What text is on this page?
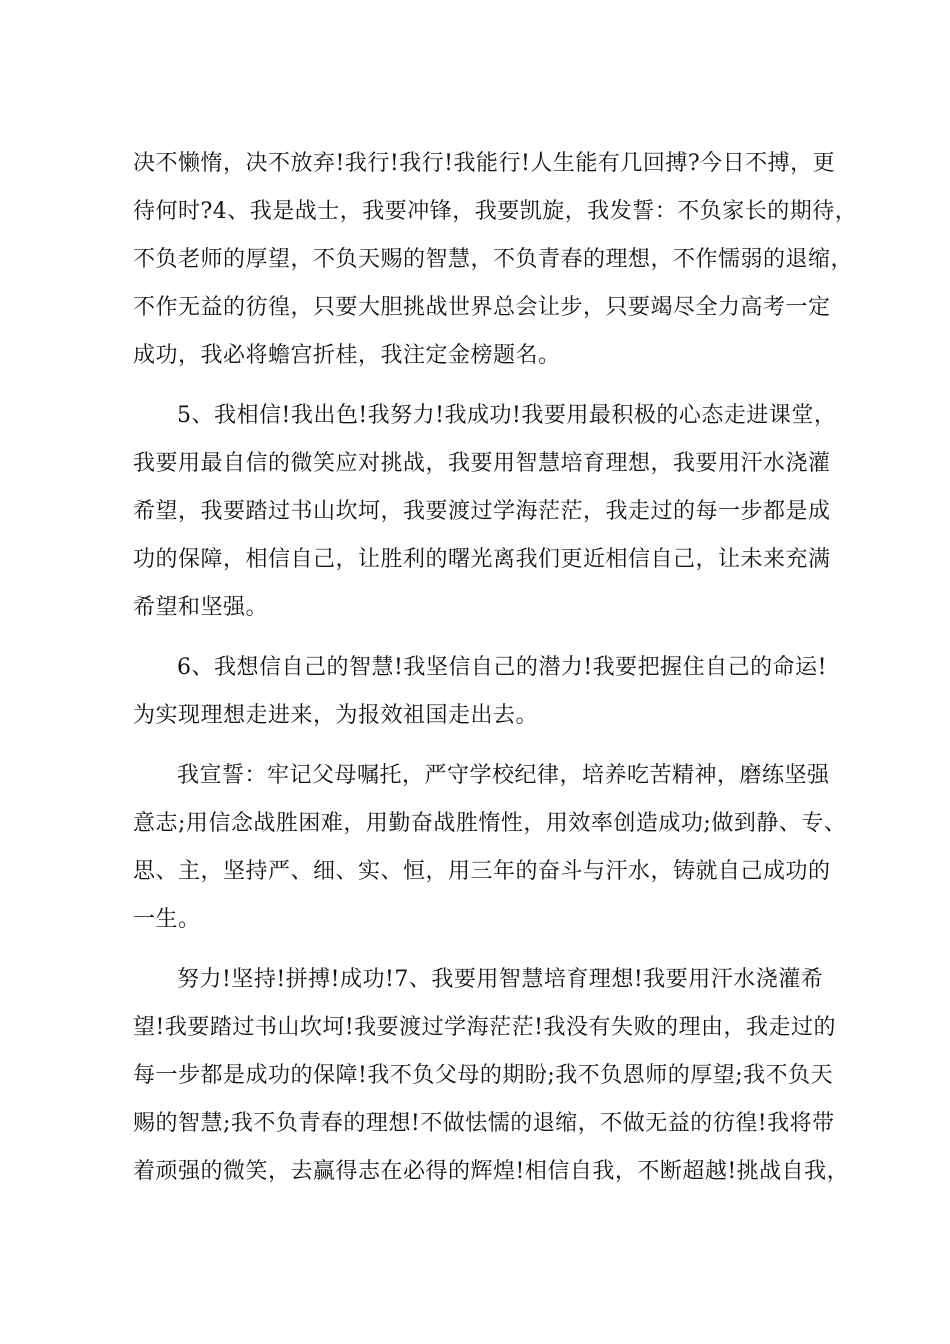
决不懒惰，决不放弃!我行!我行!我能行!人生能有几回搏?今日不搏，更
待何时?4、我是战士，我要冲锋，我要凯旋，我发誓：不负家长的期待，
不负老师的厚望，不负天赐的智慧，不负青春的理想，不作懦弱的退缩，
不作无益的彷徨，只要大胆挑战世界总会让步，只要竭尽全力高考一定
成功，我必将蟾宫折桂，我注定金榜题名。

5、我相信!我出色!我努力!我成功!我要用最积极的心态走进课堂，
我要用最自信的微笑应对挑战，我要用智慧培育理想，我要用汗水浇灌
希望，我要踏过书山坎坷，我要渡过学海茫茫，我走过的每一步都是成
功的保障，相信自己，让胜利的曙光离我们更近相信自己，让未来充满
希望和坚强。

6、我想信自己的智慧!我坚信自己的潜力!我要把握住自己的命运!
为实现理想走进来，为报效祖国走出去。

我宣誓：牢记父母嘱托，严守学校纪律，培养吃苦精神，磨练坚强
意志;用信念战胜困难，用勤奋战胜惰性，用效率创造成功;做到静、专、
思、主，坚持严、细、实、恒，用三年的奋斗与汗水，铸就自己成功的
一生。

努力!坚持!拼搏!成功!7、我要用智慧培育理想!我要用汗水浇灌希
望!我要踏过书山坎坷!我要渡过学海茫茫!我没有失败的理由，我走过的
每一步都是成功的保障!我不负父母的期盼;我不负恩师的厚望;我不负天
赐的智慧;我不负青春的理想!不做怯懦的退缩，不做无益的彷徨!我将带
着顽强的微笑，去赢得志在必得的辉煌!相信自我，不断超越!挑战自我，
